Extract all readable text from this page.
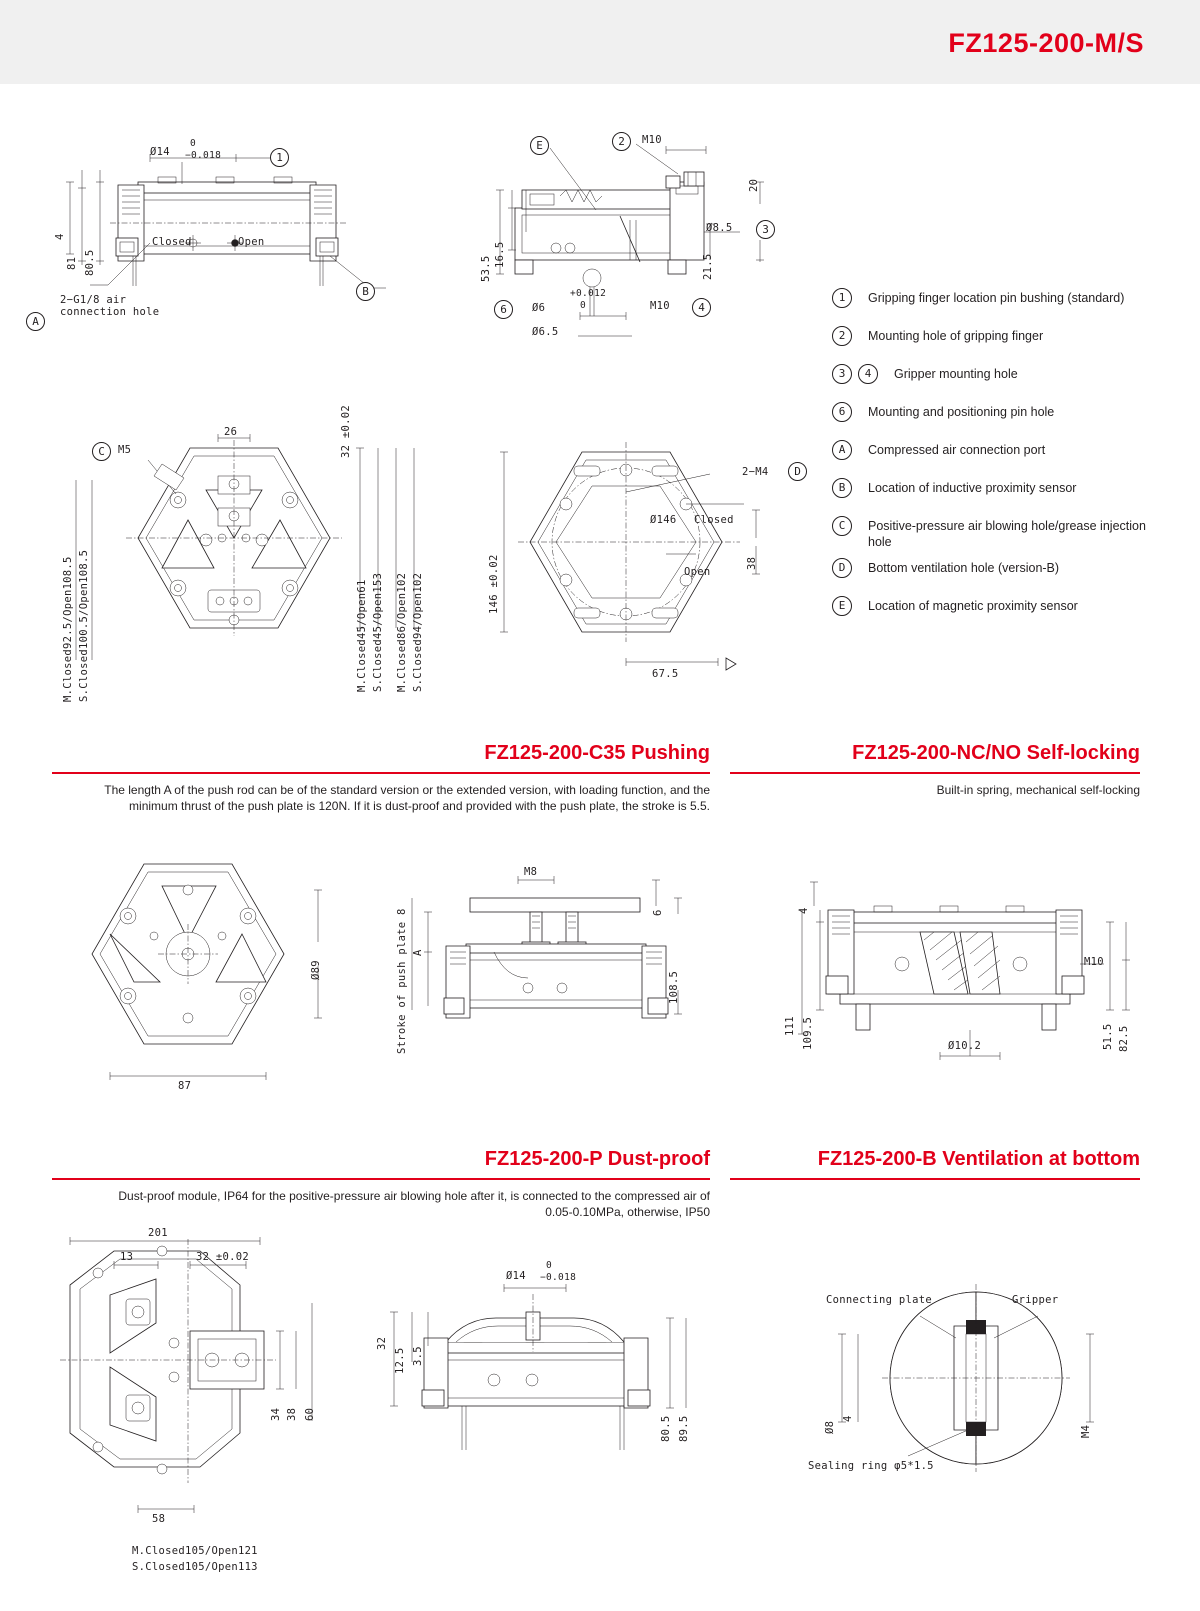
FZ125-200-M/S
Ø14
0
−0.018	1
4
81 80.5
Closed	Open
2−G1/8 air
connection hole
A
B
E	2	M10
20
Ø8.5	3
53.5
16.5	21.5
+0.012
0
Ø6
6	M10	4
Ø6.5
1	Gripping finger location pin bushing (standard)
2	Mounting hole of gripping finger
3	4	Gripper mounting hole
6	Mounting and positioning pin hole
A	Compressed air connection port
B	Location of inductive proximity sensor
C	Positive-pressure air blowing hole/grease injection hole
D	Bottom ventilation hole (version-B)
E	Location of magnetic proximity sensor
C	M5
26	32 ±0.02
M.Closed92.5/Open108.5 S.Closed100.5/Open108.5	M.Closed45/Open61 S.Closed45/Open153 M.Closed86/Open102 S.Closed94/Open102
2−M4	D
Ø146 Closed
Open
146 ±0.02	38
67.5
FZ125-200-C35 Pushing
The length A of the push rod can be of the standard version or the extended version, with loading function, and the minimum thrust of the push plate is 120N. If it is dust-proof and provided with the push plate, the stroke is 5.5.
FZ125-200-NC/NO Self-locking
Built-in spring, mechanical self-locking
Ø89
87
M8
6
A
Stroke of push plate 8	108.5
4
111 109.5
M10
51.5 82.5
Ø10.2
FZ125-200-P Dust-proof
Dust-proof module, IP64 for the positive-pressure air blowing hole after it, is connected to the compressed air of 0.05-0.10MPa, otherwise, IP50
FZ125-200-B Ventilation at bottom
201
13	32 ±0.02
34 38 60
58
M.Closed105/Open121
S.Closed105/Open113
32
12.5 3.5
Ø14
0
−0.018
80.5 89.5
Connecting plate	Gripper
Ø8
4
M4
Sealing ring φ5*1.5
